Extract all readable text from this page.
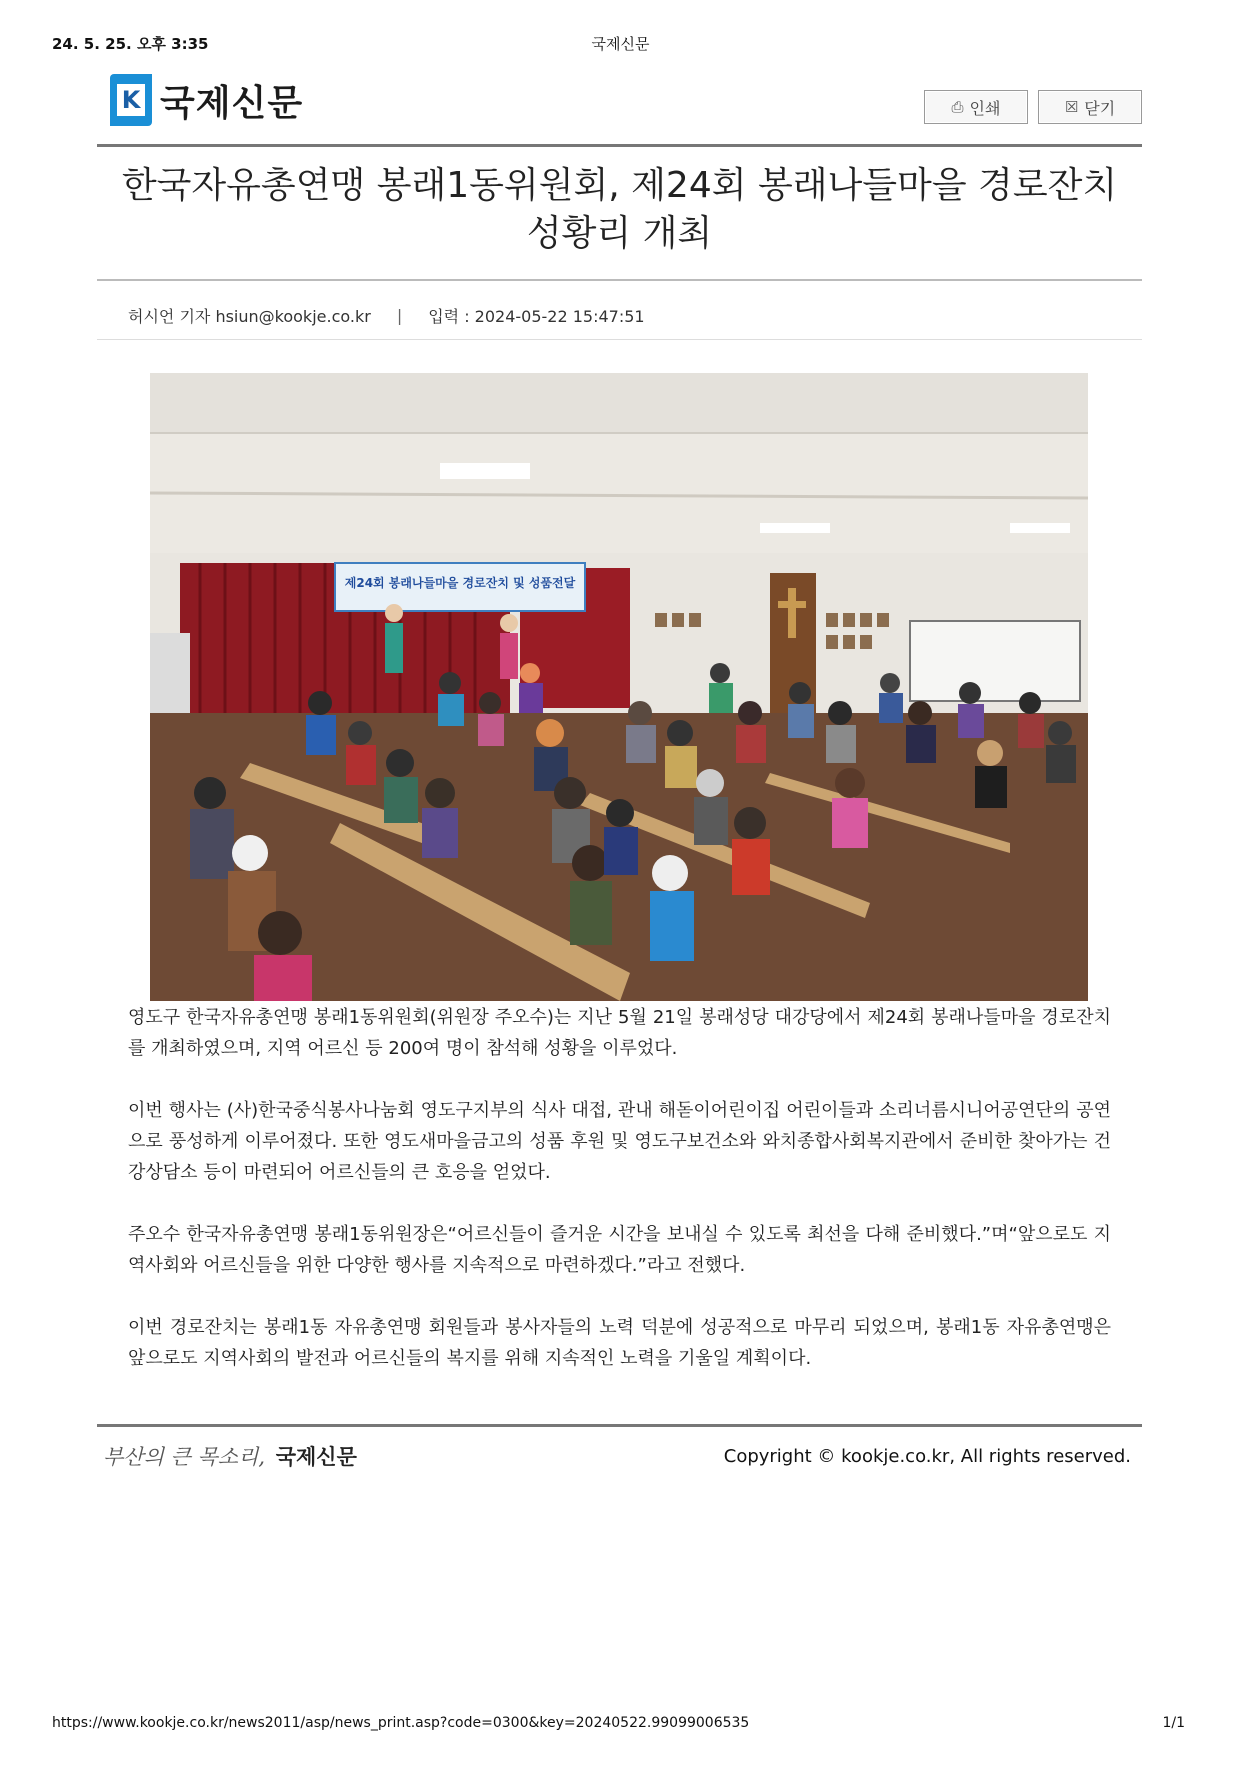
24. 5. 25. 오후 3:35	국제신문
K 국제신문	⎙ 인쇄	☒ 닫기
한국자유총연맹 봉래1동위원회, 제24회 봉래나들마을 경로잔치
성황리 개최
허시언 기자 hsiun@kookje.co.kr | 입력 : 2024-05-22 15:47:51
제24회 봉래나들마을 경로잔치 및 성품전달

영도구 한국자유총연맹 봉래1동위원회(위원장 주오수)는 지난 5월 21일 봉래성당 대강당에서 제24회 봉래나들마을 경로잔치를 개최하였으며, 지역 어르신 등 200여 명이 참석해 성황을 이루었다.

이번 행사는 (사)한국중식봉사나눔회 영도구지부의 식사 대접, 관내 해돋이어린이집 어린이들과 소리너름시니어공연단의 공연으로 풍성하게 이루어졌다. 또한 영도새마을금고의 성품 후원 및 영도구보건소와 와치종합사회복지관에서 준비한 찾아가는 건강상담소 등이 마련되어 어르신들의 큰 호응을 얻었다.

주오수 한국자유총연맹 봉래1동위원장은“어르신들이 즐거운 시간을 보내실 수 있도록 최선을 다해 준비했다.”며“앞으로도 지역사회와 어르신들을 위한 다양한 행사를 지속적으로 마련하겠다.”라고 전했다.

이번 경로잔치는 봉래1동 자유총연맹 회원들과 봉사자들의 노력 덕분에 성공적으로 마무리 되었으며, 봉래1동 자유총연맹은 앞으로도 지역사회의 발전과 어르신들의 복지를 위해 지속적인 노력을 기울일 계획이다.

부산의 큰 목소리, 국제신문	Copyright © kookje.co.kr, All rights reserved.
https://www.kookje.co.kr/news2011/asp/news_print.asp?code=0300&key=20240522.99099006535	1/1
